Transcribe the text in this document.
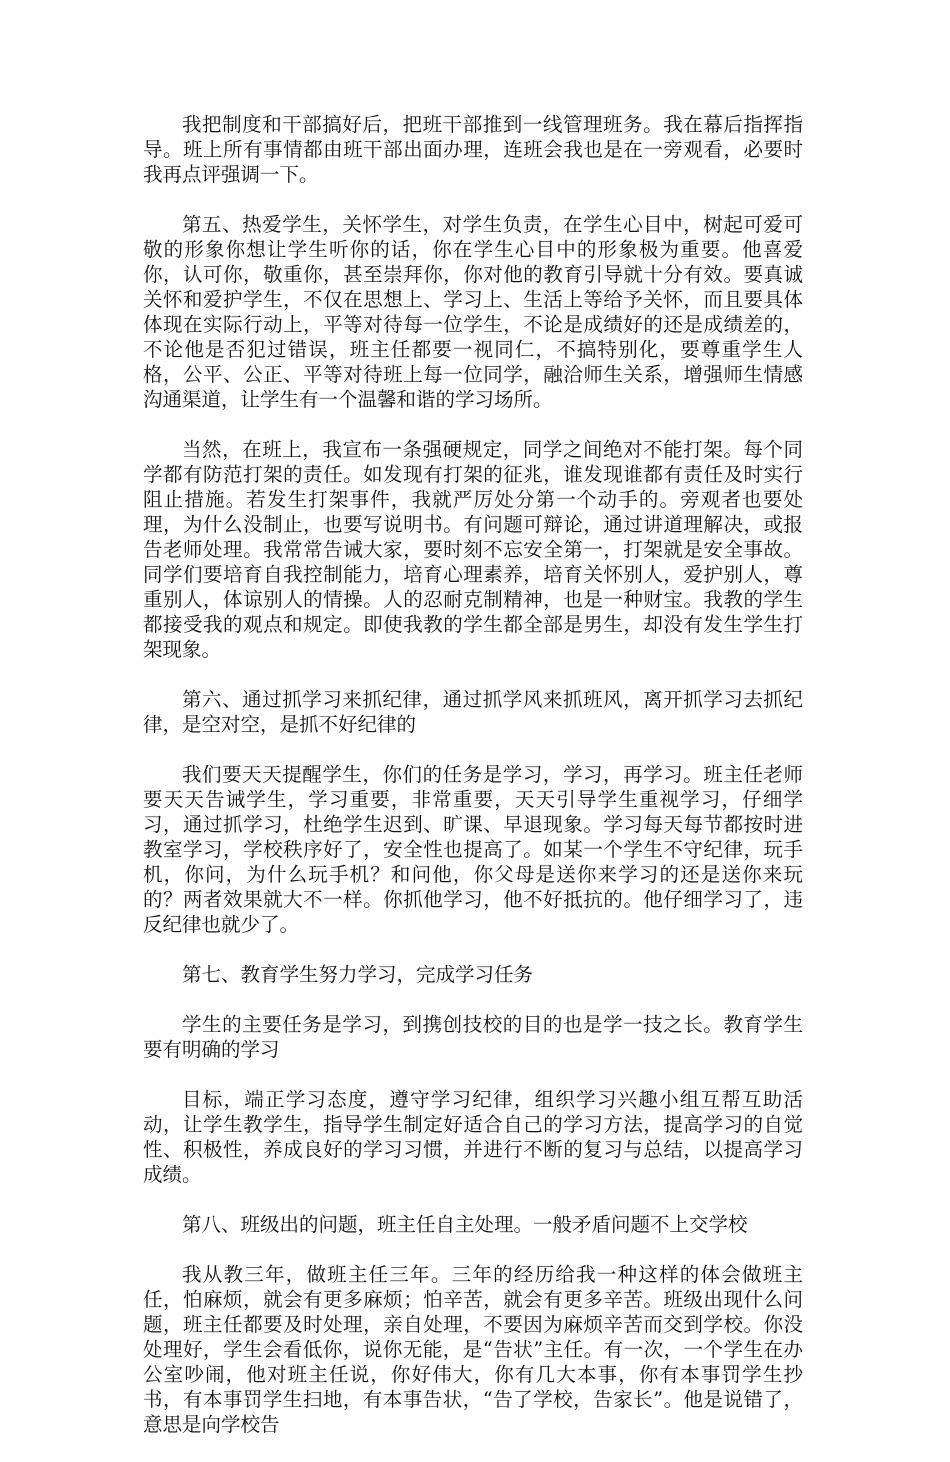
我把制度和干部搞好后，把班干部推到一线管理班务。我在幕后指挥指导。班上所有事情都由班干部出面办理，连班会我也是在一旁观看，必要时我再点评强调一下。

第五、热爱学生，关怀学生，对学生负责，在学生心目中，树起可爱可敬的形象你想让学生听你的话，你在学生心目中的形象极为重要。他喜爱你，认可你，敬重你，甚至崇拜你，你对他的教育引导就十分有效。要真诚关怀和爱护学生，不仅在思想上、学习上、生活上等给予关怀，而且要具体体现在实际行动上，平等对待每一位学生，不论是成绩好的还是成绩差的，不论他是否犯过错误，班主任都要一视同仁，不搞特别化，要尊重学生人格，公平、公正、平等对待班上每一位同学，融洽师生关系，增强师生情感沟通渠道，让学生有一个温馨和谐的学习场所。

当然，在班上，我宣布一条强硬规定，同学之间绝对不能打架。每个同学都有防范打架的责任。如发现有打架的征兆，谁发现谁都有责任及时实行阻止措施。若发生打架事件，我就严厉处分第一个动手的。旁观者也要处理，为什么没制止，也要写说明书。有问题可辩论，通过讲道理解决，或报告老师处理。我常常告诫大家，要时刻不忘安全第一，打架就是安全事故。同学们要培育自我控制能力，培育心理素养，培育关怀别人，爱护别人，尊重别人，体谅别人的情操。人的忍耐克制精神，也是一种财宝。我教的学生都接受我的观点和规定。即使我教的学生都全部是男生，却没有发生学生打架现象。

第六、通过抓学习来抓纪律，通过抓学风来抓班风，离开抓学习去抓纪律，是空对空，是抓不好纪律的

我们要天天提醒学生，你们的任务是学习，学习，再学习。班主任老师要天天告诫学生，学习重要，非常重要，天天引导学生重视学习，仔细学习，通过抓学习，杜绝学生迟到、旷课、早退现象。学习每天每节都按时进教室学习，学校秩序好了，安全性也提高了。如某一个学生不守纪律，玩手机，你问，为什么玩手机？和问他，你父母是送你来学习的还是送你来玩的？两者效果就大不一样。你抓他学习，他不好抵抗的。他仔细学习了，违反纪律也就少了。

第七、教育学生努力学习，完成学习任务

学生的主要任务是学习，到携创技校的目的也是学一技之长。教育学生要有明确的学习

目标，端正学习态度，遵守学习纪律，组织学习兴趣小组互帮互助活动，让学生教学生，指导学生制定好适合自己的学习方法，提高学习的自觉性、积极性，养成良好的学习习惯，并进行不断的复习与总结，以提高学习成绩。

第八、班级出的问题，班主任自主处理。一般矛盾问题不上交学校

我从教三年，做班主任三年。三年的经历给我一种这样的体会做班主任，怕麻烦，就会有更多麻烦；怕辛苦，就会有更多辛苦。班级出现什么问题，班主任都要及时处理，亲自处理，不要因为麻烦辛苦而交到学校。你没处理好，学生会看低你，说你无能，是“告状”主任。有一次，一个学生在办公室吵闹，他对班主任说，你好伟大，你有几大本事，你有本事罚学生抄书，有本事罚学生扫地，有本事告状，“告了学校，告家长”。他是说错了，意思是向学校告
